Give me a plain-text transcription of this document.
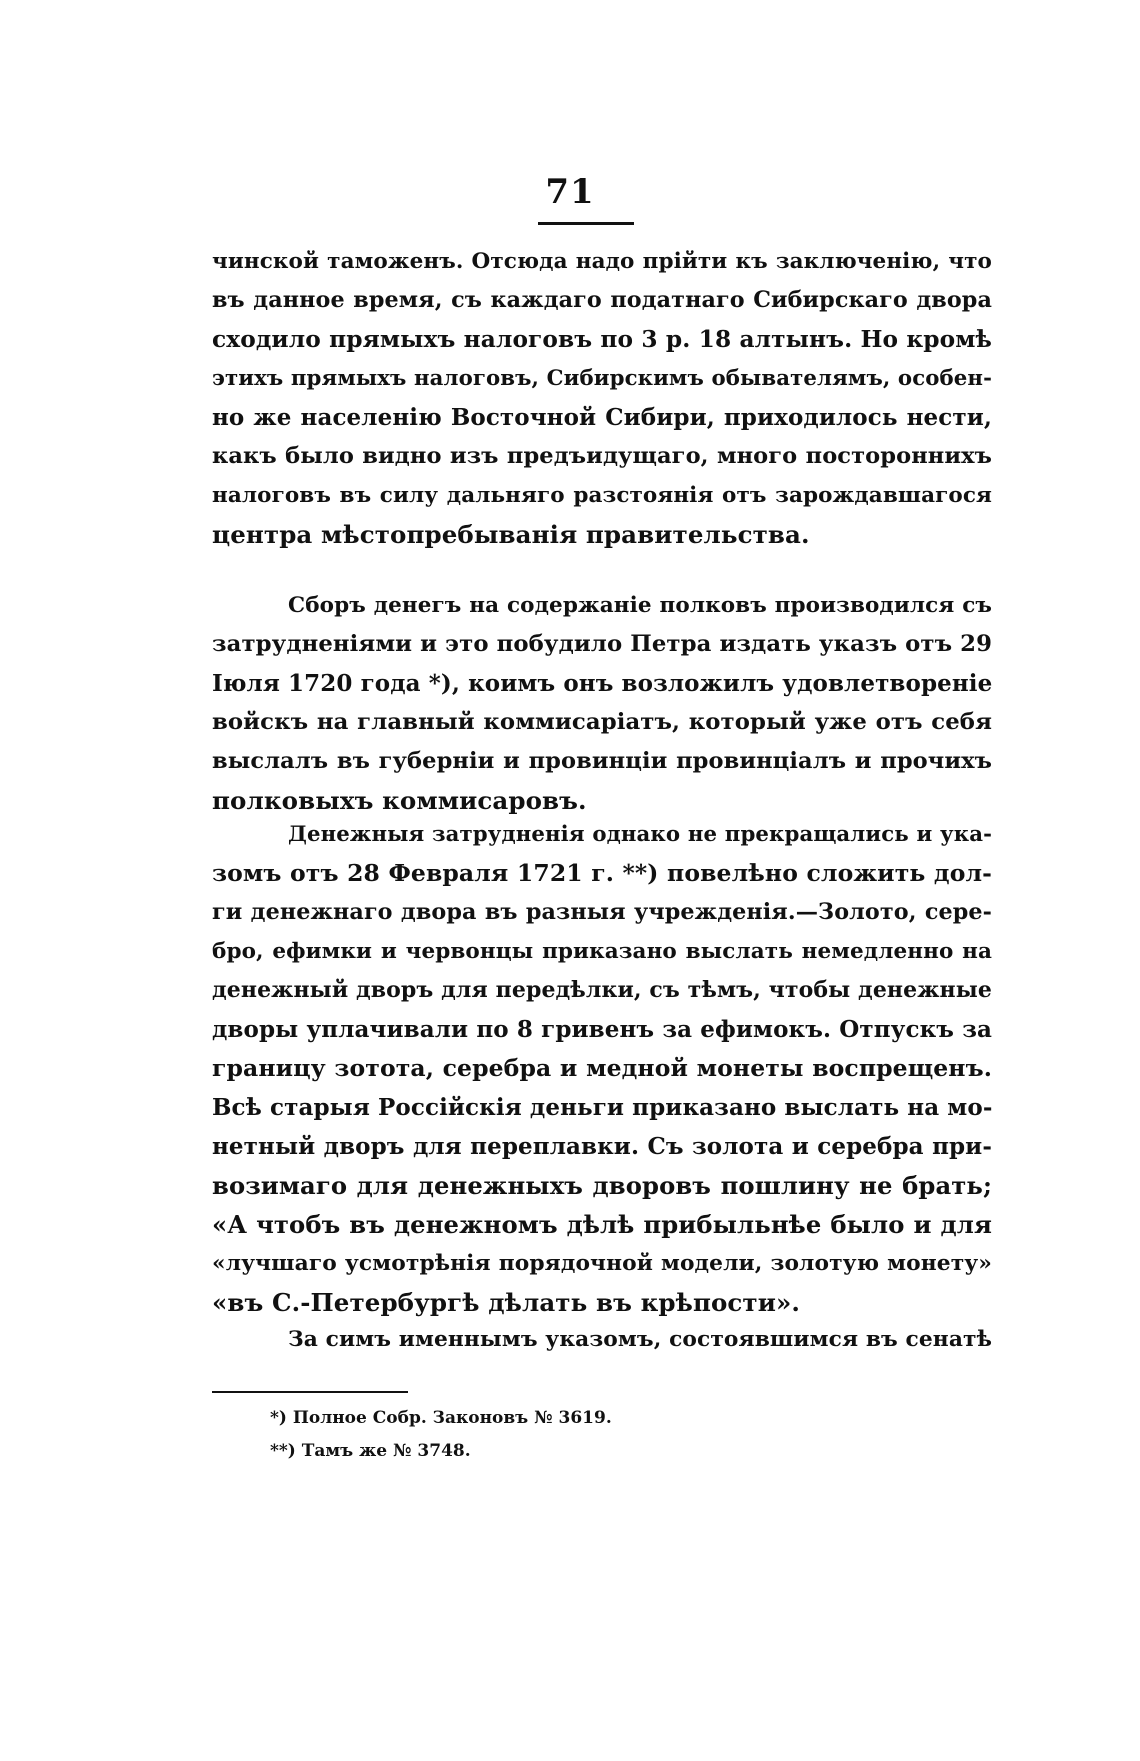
71
чинской таможенъ. Отсюда надо прійти къ заключенію, что
въ данное время, съ каждаго податнаго Сибирскаго двора
сходило прямыхъ налоговъ по 3 р. 18 алтынъ. Но кромѣ
этихъ прямыхъ налоговъ, Сибирскимъ обывателямъ, особен-
но же населенію Восточной Сибири, приходилось нести,
какъ было видно изъ предъидущаго, много постороннихъ
налоговъ въ силу дальняго разстоянія отъ зарождавшагося
центра мѣстопребыванія правительства.
Сборъ денегъ на содержаніе полковъ производился съ
затрудненіями и это побудило Петра издать указъ отъ 29
Іюля 1720 года *), коимъ онъ возложилъ удовлетвореніе
войскъ на главный коммисаріатъ, который уже отъ себя
выслалъ въ губерніи и провинціи провинціалъ и прочихъ
полковыхъ коммисаровъ.
Денежныя затрудненія однако не прекращались и ука-
зомъ отъ 28 Февраля 1721 г. **) повелѣно сложить дол-
ги денежнаго двора въ разныя учрежденія.—Золото, сере-
бро, ефимки и червонцы приказано выслать немедленно на
денежный дворъ для передѣлки, съ тѣмъ, чтобы денежные
дворы уплачивали по 8 гривенъ за ефимокъ. Отпускъ за
границу зотота, серебра и медной монеты воспрещенъ.
Всѣ старыя Россійскія деньги приказано выслать на мо-
нетный дворъ для переплавки. Съ золота и серебра при-
возимаго для денежныхъ дворовъ пошлину не брать;
«А чтобъ въ денежномъ дѣлѣ прибыльнѣе было и для
«лучшаго усмотрѣнія порядочной модели, золотую монету»
«въ С.-Петербургѣ дѣлать въ крѣпости».
За симъ именнымъ указомъ, состоявшимся въ сенатѣ
*) Полное Собр. Законовъ № 3619.
**) Тамъ же № 3748.
